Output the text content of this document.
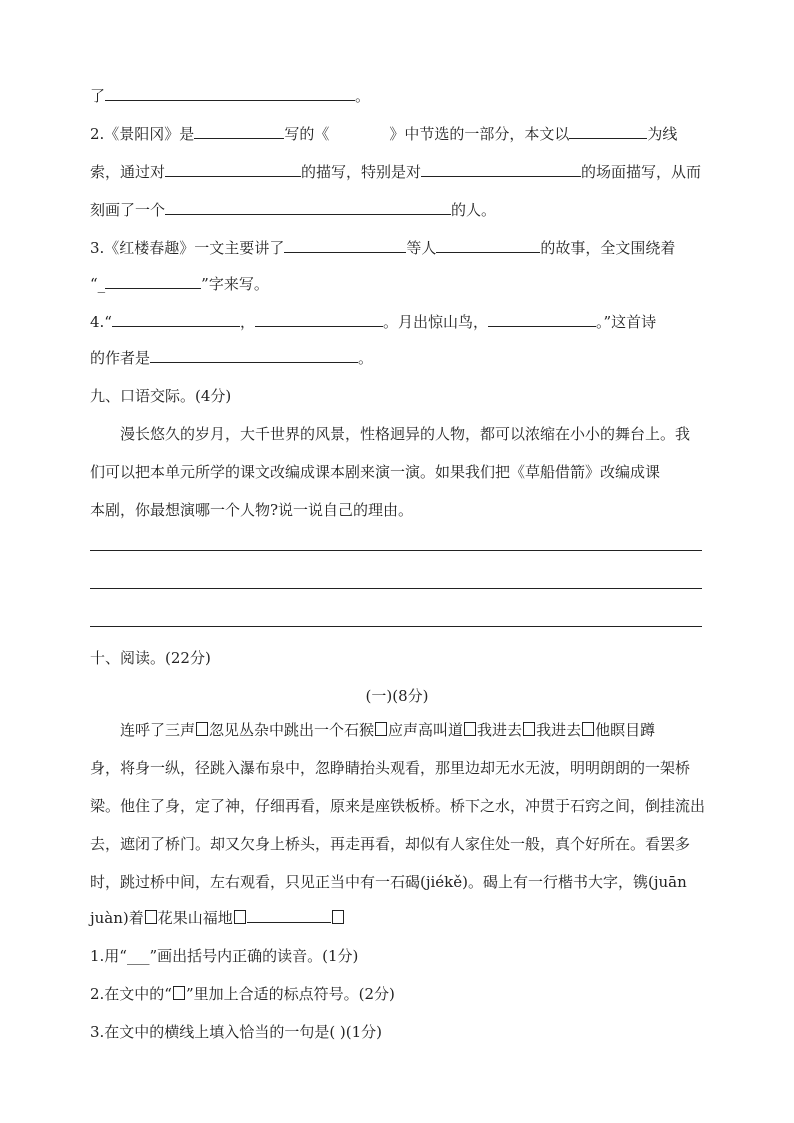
了	。
2.《景阳冈》是	写的《	》中节选的一部分，本文以	为线
索，通过对	的描写，特别是对	的场面描写，从而
刻画了一个	的人。
3.《红楼春趣》一文主要讲了	等人	的故事，全文围绕着
“_	”字来写。
4.“	，	。月出惊山鸟，	。”这首诗
的作者是	。
九、口语交际。(4分)
漫长悠久的岁月，大千世界的风景，性格迥异的人物，都可以浓缩在小小的舞台上。我
们可以把本单元所学的课文改编成课本剧来演一演。如果我们把《草船借箭》改编成课
本剧，你最想演哪一个人物?说一说自己的理由。
十、阅读。(22分)
(一)(8分)
连呼了三声 忽见丛杂中跳出一个石猴 应声高叫道 我进去 我进去 他瞑目蹲
身，将身一纵，径跳入瀑布泉中，忽睁睛抬头观看，那里边却无水无波，明明朗朗的一架桥
梁。他住了身，定了神，仔细再看，原来是座铁板桥。桥下之水，冲贯于石窍之间，倒挂流出
去，遮闭了桥门。却又欠身上桥头，再走再看，却似有人家住处一般，真个好所在。看罢多
时，跳过桥中间，左右观看，只见正当中有一石碣(jiékě)。碣上有一行楷书大字，镌(juān
juàn)着 花果山福地
1.用“___”画出括号内正确的读音。(1分)
2.在文中的“ ”里加上合适的标点符号。(2分)
3.在文中的横线上填入恰当的一句是( )(1分)
